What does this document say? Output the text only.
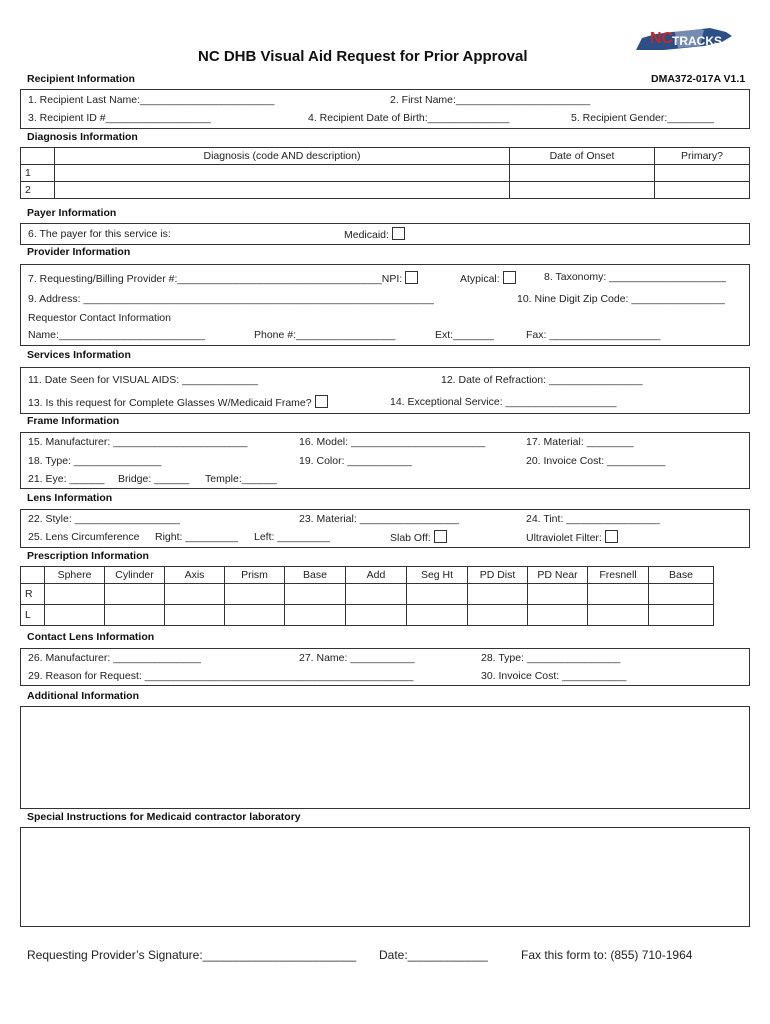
NC DHB Visual Aid Request for Prior Approval
NC
TRACKS
Recipient Information	DMA372-017A V1.1
1. Recipient Last Name:_______________________	2. First Name:_______________________
3. Recipient ID #__________________	4. Recipient Date of Birth:______________	5. Recipient Gender:________
Diagnosis Information
	Diagnosis (code AND description)	Date of Onset	Primary?
1			
2			
Payer Information
6. The payer for this service is:	Medicaid:
Provider Information
7. Requesting/Billing Provider #:___________________________________NPI:	Atypical:	8. Taxonomy: ____________________
9. Address: ____________________________________________________________	10. Nine Digit Zip Code: ________________
Requestor Contact Information
Name:_________________________	Phone #:_________________	Ext:_______	Fax: ___________________
Services Information
11. Date Seen for VISUAL AIDS: _____________	12. Date of Refraction: ________________
13. Is this request for Complete Glasses W/Medicaid Frame?	14. Exceptional Service: ___________________
Frame Information
15. Manufacturer: _______________________	16. Model: _______________________	17. Material: ________
18. Type: _______________	19. Color: ___________	20. Invoice Cost: __________
21. Eye: ______ Bridge: ______ Temple:______
Lens Information
22. Style: __________________	23. Material: _________________	24. Tint: ________________
25. Lens Circumference Right: _________ Left: _________	Slab Off:	Ultraviolet Filter:
Prescription Information
	Sphere	Cylinder	Axis	Prism	Base	Add	Seg Ht	PD Dist	PD Near	Fresnell	Base
R											
L											
Contact Lens Information
26. Manufacturer: _______________	27. Name: ___________	28. Type: ________________
29. Reason for Request: ______________________________________________	30. Invoice Cost: ___________
Additional Information
Special Instructions for Medicaid contractor laboratory
Requesting Provider’s Signature:_______________________ Date:____________	Fax this form to: (855) 710-1964
